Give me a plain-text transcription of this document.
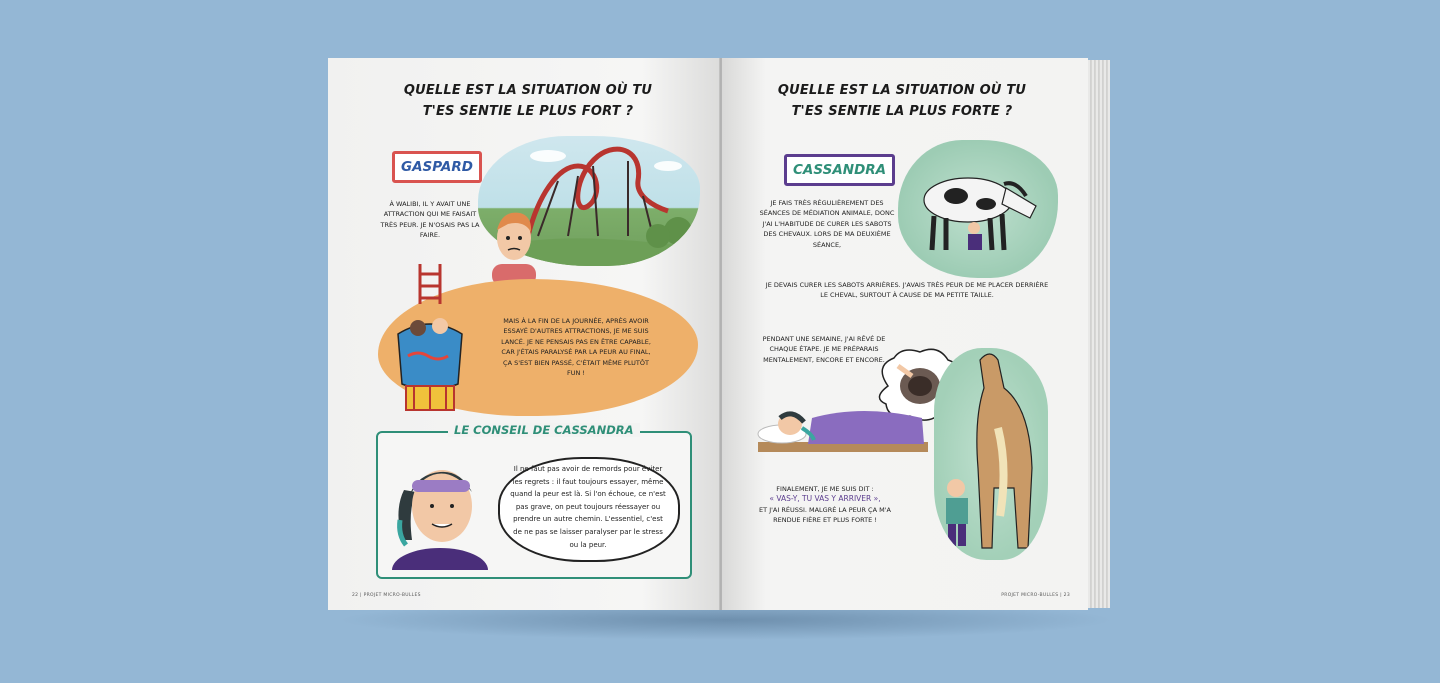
QUELLE EST LA SITUATION OÙ TU
T'ES SENTIE LE PLUS FORT ?
GASPARD
À WALIBI, IL Y AVAIT UNE ATTRACTION QUI ME FAISAIT TRÈS PEUR. JE N'OSAIS PAS LA FAIRE.
MAIS À LA FIN DE LA JOURNÉE, APRÈS AVOIR ESSAYÉ D'AUTRES ATTRACTIONS, JE ME SUIS LANCÉ. JE NE PENSAIS PAS EN ÊTRE CAPABLE, CAR J'ÉTAIS PARALYSÉ PAR LA PEUR AU FINAL, ÇA S'EST BIEN PASSÉ, C'ÉTAIT MÊME PLUTÔT FUN !
LE CONSEIL DE CASSANDRA
Il ne faut pas avoir de remords pour éviter les regrets : il faut toujours essayer, même quand la peur est là. Si l'on échoue, ce n'est pas grave, on peut toujours réessayer ou prendre un autre chemin. L'essentiel, c'est de ne pas se laisser paralyser par le stress ou la peur.
22 | PROJET MICRO-BULLES
QUELLE EST LA SITUATION OÙ TU
T'ES SENTIE LA PLUS FORTE ?
CASSANDRA
JE FAIS TRÈS RÉGULIÈREMENT DES SÉANCES DE MÉDIATION ANIMALE, DONC J'AI L'HABITUDE DE CURER LES SABOTS DES CHEVAUX. LORS DE MA DEUXIÈME SÉANCE,
JE DEVAIS CURER LES SABOTS ARRIÈRES. J'AVAIS TRÈS PEUR DE ME PLACER DERRIÈRE LE CHEVAL, SURTOUT À CAUSE DE MA PETITE TAILLE.
PENDANT UNE SEMAINE, J'AI RÊVÉ DE CHAQUE ÉTAPE. JE ME PRÉPARAIS MENTALEMENT, ENCORE ET ENCORE.
FINALEMENT, JE ME SUIS DIT :
« VAS-Y, TU VAS Y ARRIVER »,
ET J'AI RÉUSSI. MALGRÉ LA PEUR ÇA M'A RENDUE FIÈRE ET PLUS FORTE !
PROJET MICRO-BULLES | 23
